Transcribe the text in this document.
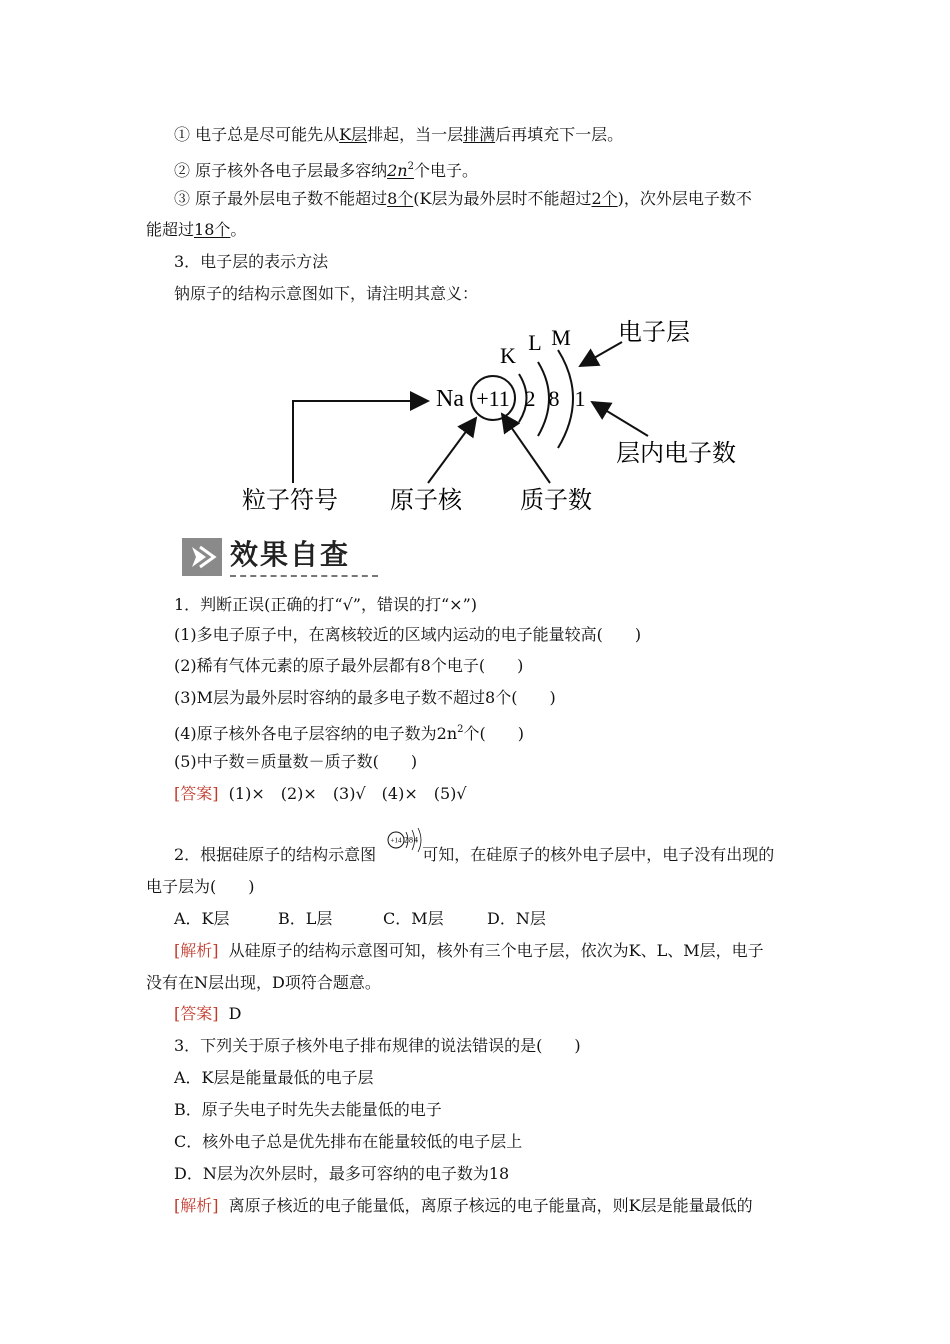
① 电子总是尽可能先从K层排起，当一层排满后再填充下一层。
② 原子核外各电子层最多容纳$2n^2$个电子。
③ 原子最外层电子数不能超过8个(K层为最外层时不能超过2个)，次外层电子数不
能超过18个。
3．电子层的表示方法
钠原子的结构示意图如下，请注明其意义：
Na +11 2 8 1
K
L M 电子层
层内电子数
粒子符号 原子核 质子数
效果自查
1．判断正误(正确的打“√”，错误的打“×”)
(1)多电子原子中，在离核较近的区域内运动的电子能量较高(　　)
(2)稀有气体元素的原子最外层都有8个电子(　　)
(3)M层为最外层时容纳的最多电子数不超过8个(　　)
(4)原子核外各电子层容纳的电子数为$2n^2$个(　　)
(5)中子数＝质量数－质子数(　　)
[答案] (1)×　(2)×　(3)√　(4)×　(5)√
2．根据硅原子的结构示意图	可知，在硅原子的核外电子层中，电子没有出现的
+14 284
电子层为(　　)
A．K层	B．L层	C．M层	D．N层
[解析] 从硅原子的结构示意图可知，核外有三个电子层，依次为K、L、M层，电子
没有在N层出现，D项符合题意。
[答案] D
3．下列关于原子核外电子排布规律的说法错误的是(　　)
A．K层是能量最低的电子层
B．原子失电子时先失去能量低的电子
C．核外电子总是优先排布在能量较低的电子层上
D．N层为次外层时，最多可容纳的电子数为18
[解析] 离原子核近的电子能量低，离原子核远的电子能量高，则K层是能量最低的
